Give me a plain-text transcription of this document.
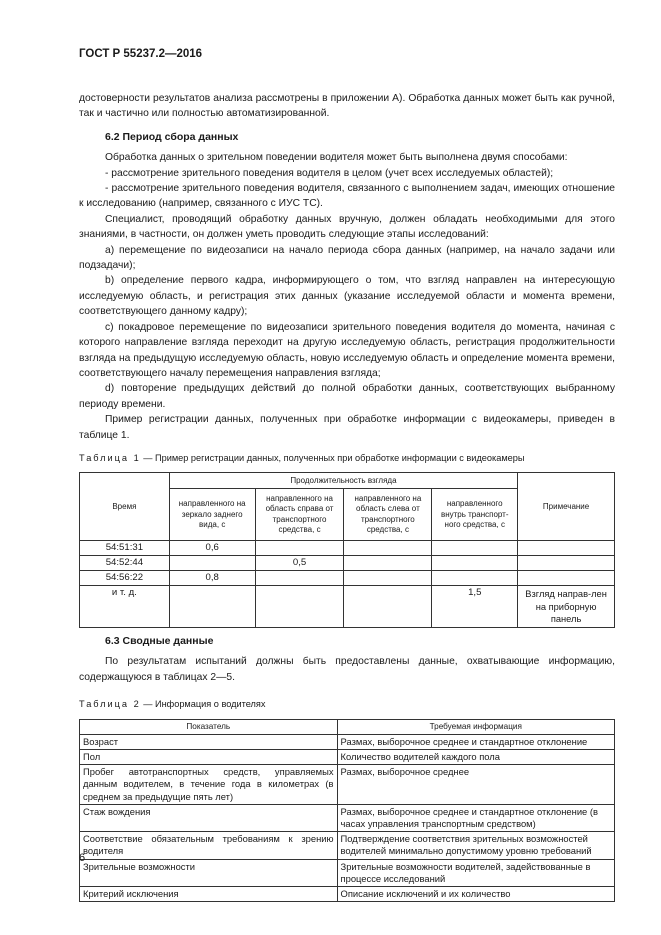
ГОСТ Р 55237.2—2016

достоверности результатов анализа рассмотрены в приложении А). Обработка данных может быть как ручной, так и частично или полностью автоматизированной.

6.2 Период сбора данных

Обработка данных о зрительном поведении водителя может быть выполнена двумя способами:

- рассмотрение зрительного поведения водителя в целом (учет всех исследуемых областей);

- рассмотрение зрительного поведения водителя, связанного с выполнением задач, имеющих отношение к исследованию (например, связанного с ИУС ТС).

Специалист, проводящий обработку данных вручную, должен обладать необходимыми для этого знаниями, в частности, он должен уметь проводить следующие этапы исследований:

а) перемещение по видеозаписи на начало периода сбора данных (например, на начало задачи или подзадачи);

b) определение первого кадра, информирующего о том, что взгляд направлен на интересующую исследуемую область, и регистрация этих данных (указание исследуемой области и момента времени, соответствующего данному кадру);

с) покадровое перемещение по видеозаписи зрительного поведения водителя до момента, начиная с которого направление взгляда переходит на другую исследуемую область, регистрация продолжительности взгляда на предыдущую исследуемую область, новую исследуемую область и определение момента времени, соответствующего началу перемещения направления взгляда;

d) повторение предыдущих действий до полной обработки данных, соответствующих выбранному периоду времени.

Пример регистрации данных, полученных при обработке информации с видеокамеры, приведен в таблице 1.

Таблица 1 — Пример регистрации данных, полученных при обработке информации с видеокамеры
Время	Продолжительность взгляда				Примечание
	направленного на зеркало заднего вида, с	направленного на область справа от транспортного средства, с	направленного на область слева от транспортного средства, с	направленного внутрь транспорт-ного средства, с	
54:51:31	0,6				
54:52:44		0,5			
54:56:22	0,8				
и т. д.				1,5	Взгляд направ-лен на приборную панель
6.3 Сводные данные

По результатам испытаний должны быть предоставлены данные, охватывающие информацию, содержащуюся в таблицах 2—5.

Таблица 2 — Информация о водителях
Показатель	Требуемая информация
Возраст	Размах, выборочное среднее и стандартное отклонение
Пол	Количество водителей каждого пола
Пробег автотранспортных средств, управляемых данным водителем, в течение года в километрах (в среднем за предыдущие пять лет)	Размах, выборочное среднее
Стаж вождения	Размах, выборочное среднее и стандартное отклонение (в часах управления транспортным средством)
Соответствие обязательным требованиям к зрению водителя	Подтверждение соответствия зрительных возможностей водителей минимально допустимому уровню требований
Зрительные возможности	Зрительные возможности водителей, задействованные в процессе исследований
Критерий исключения	Описание исключений и их количество
6
